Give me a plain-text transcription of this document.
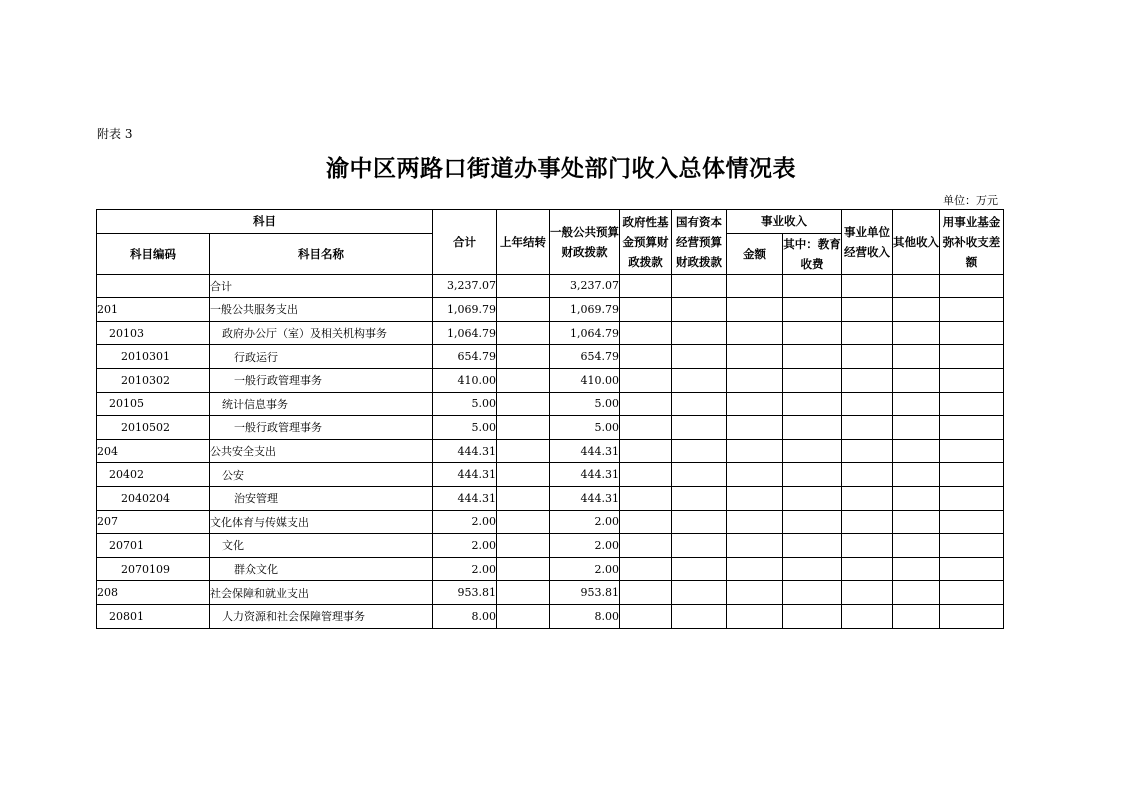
附表 3
渝中区两路口街道办事处部门收入总体情况表
单位：万元
科目		合计	上年结转	一般公共预算财政拨款	政府性基金预算财政拨款	国有资本经营预算财政拨款	事业收入		事业单位经营收入	其他收入	用事业基金弥补收支差额
科目编码	科目名称						金额	其中：教育收费			
	合计	3,237.07		3,237.07							
201	一般公共服务支出	1,069.79		1,069.79							
20103	政府办公厅（室）及相关机构事务	1,064.79		1,064.79							
2010301	行政运行	654.79		654.79							
2010302	一般行政管理事务	410.00		410.00							
20105	统计信息事务	5.00		5.00							
2010502	一般行政管理事务	5.00		5.00							
204	公共安全支出	444.31		444.31							
20402	公安	444.31		444.31							
2040204	治安管理	444.31		444.31							
207	文化体育与传媒支出	2.00		2.00							
20701	文化	2.00		2.00							
2070109	群众文化	2.00		2.00							
208	社会保障和就业支出	953.81		953.81							
20801	人力资源和社会保障管理事务	8.00		8.00							
